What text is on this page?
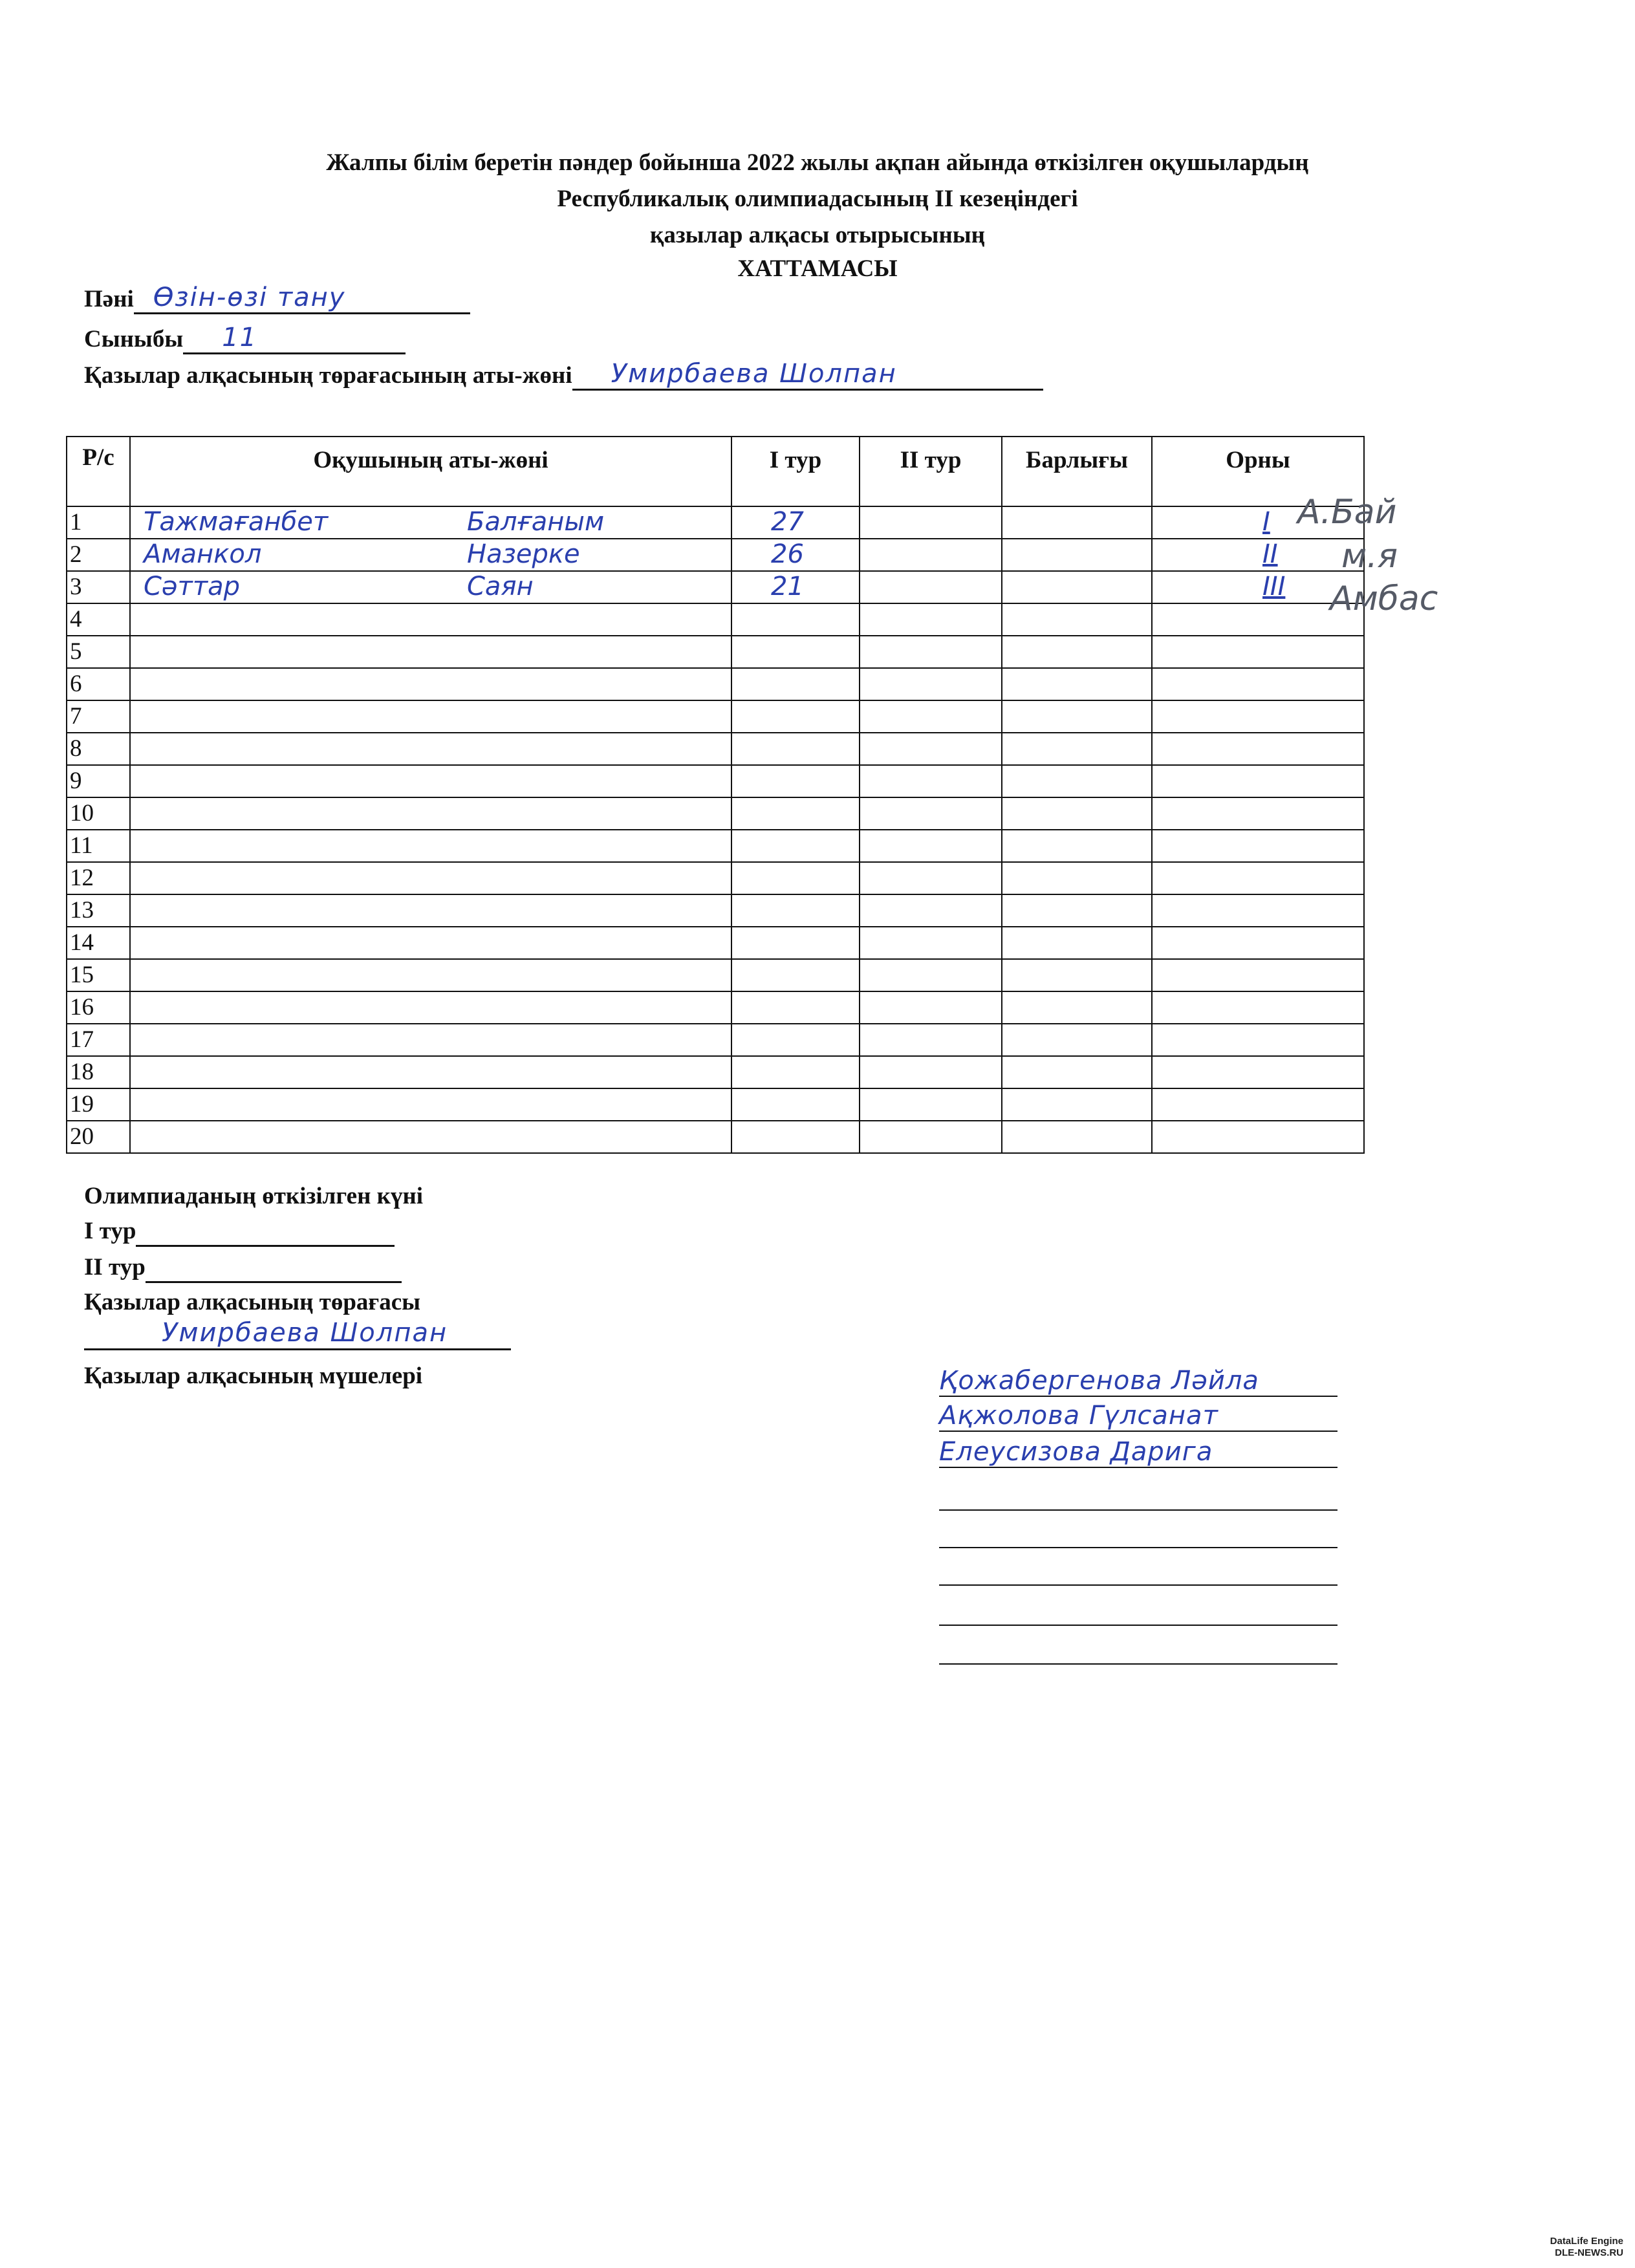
Жалпы білім беретін пәндер бойынша 2022 жылы ақпан айында өткізілген оқушылардың
Республикалық олимпиадасының ІІ кезеңіндегі
қазылар алқасы отырысының
ХАТТАМАСЫ
Пәні Өзін-өзі тану
Сыныбы 11
Қазылар алқасының төрағасының аты-жөні Умирбаева Шолпан
Р/с	Оқушының аты-жөні	І тур	ІІ тур	Барлығы	Орны
1	Тажмағанбет Балғаным	27			І

2	Аманкол Назерке	26			ІІ

3	Сәттар Саян	21			ІІІ

4					
5					
6					
7					
8					
9					
10					
11					
12					
13					
14					
15					
16					
17					
18					
19					
20					
А.Бай
м.я
Амбас
Олимпиаданың өткізілген күні
І тур
ІІ тур
Қазылар алқасының төрағасы
Умирбаева Шолпан
Қазылар алқасының мүшелері	Қожабергенова Ләйла
Ақжолова Гүлсанат
Елеусизова Дарига
DataLife Engine
DLE-NEWS.RU
